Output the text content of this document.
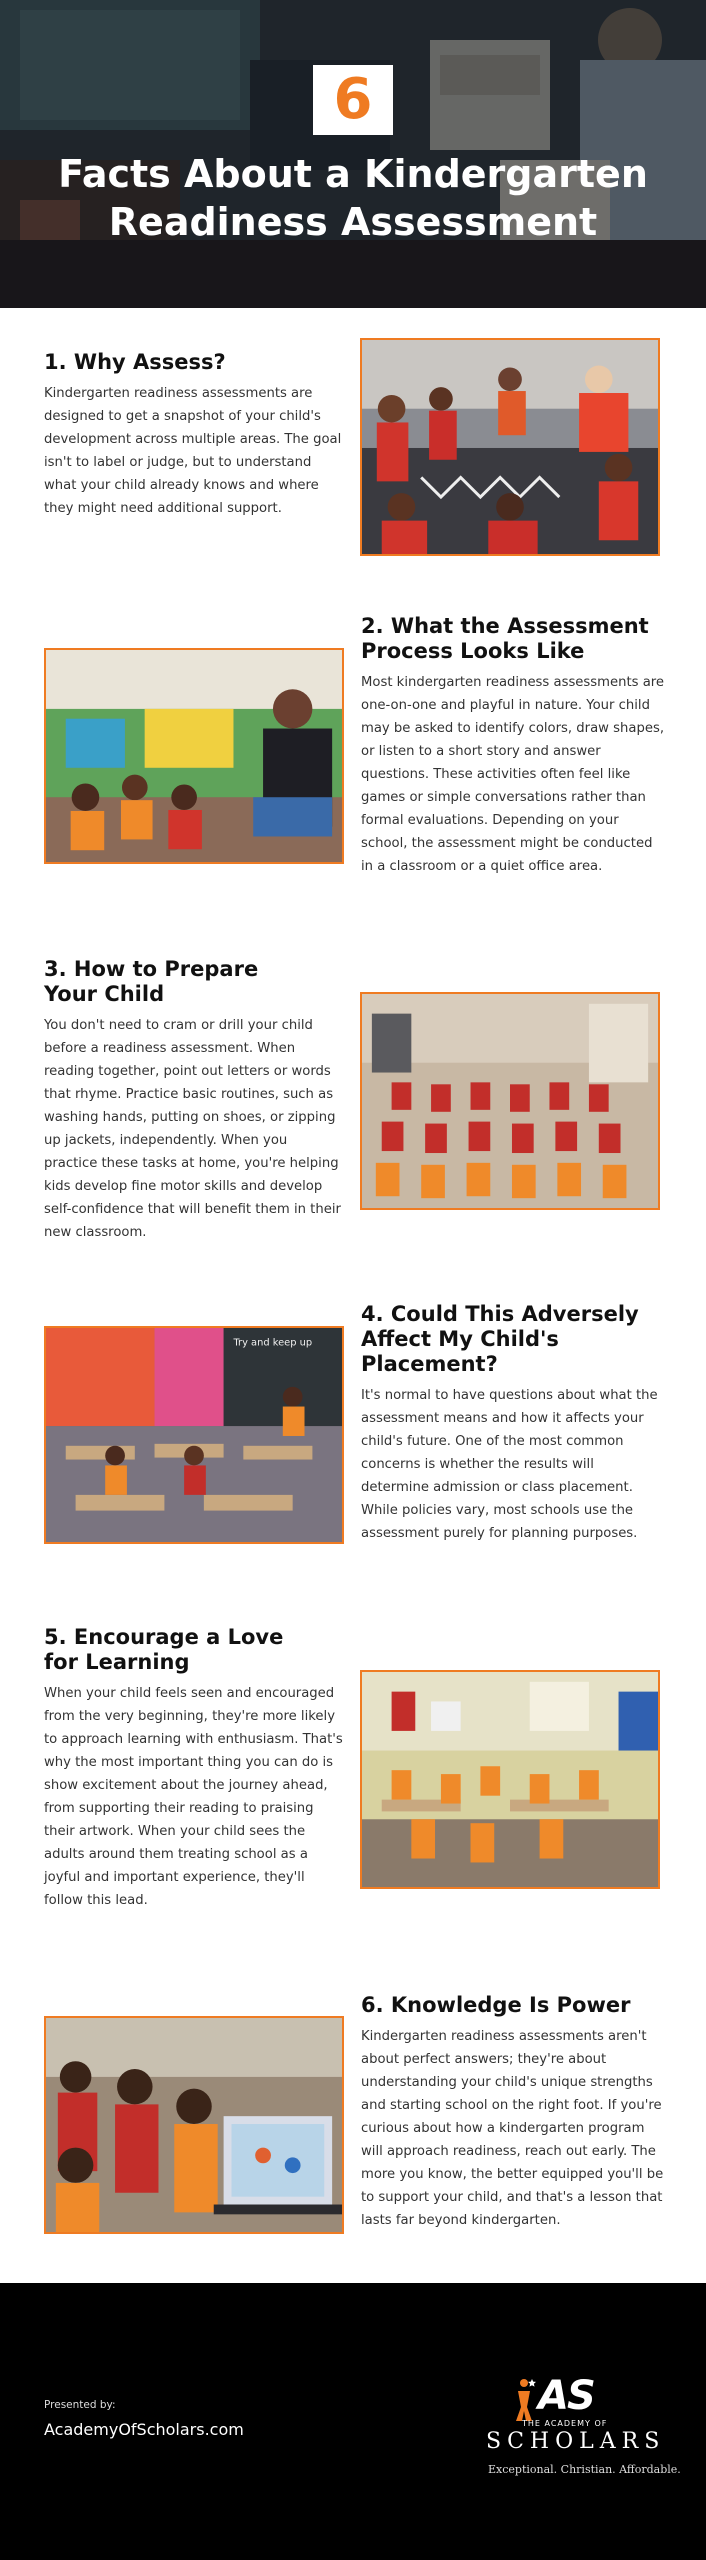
6
Facts About a Kindergarten
Readiness Assessment
1. Why Assess?

Kindergarten readiness assessments are designed to get a snapshot of your child's development across multiple areas. The goal isn't to label or judge, but to understand what your child already knows and where they might need additional support.

2. What the Assessment
Process Looks Like

Most kindergarten readiness assessments are one-on-one and playful in nature. Your child may be asked to identify colors, draw shapes, or listen to a short story and answer questions. These activities often feel like games or simple conversations rather than formal evaluations. Depending on your school, the assessment might be conducted in a classroom or a quiet office area.

3. How to Prepare
Your Child

You don't need to cram or drill your child before a readiness assessment. When reading together, point out letters or words that rhyme. Practice basic routines, such as washing hands, putting on shoes, or zipping up jackets, independently. When you practice these tasks at home, you're helping kids develop fine motor skills and develop self-confidence that will benefit them in their new classroom.

Try and keep up
4. Could This Adversely
Affect My Child's
Placement?

It's normal to have questions about what the assessment means and how it affects your child's future. One of the most common concerns is whether the results will determine admission or class placement. While policies vary, most schools use the assessment purely for planning purposes.

5. Encourage a Love
for Learning

When your child feels seen and encouraged from the very beginning, they're more likely to approach learning with enthusiasm. That's why the most important thing you can do is show excitement about the journey ahead, from supporting their reading to praising their artwork. When your child sees the adults around them treating school as a joyful and important experience, they'll follow this lead.

6. Knowledge Is Power

Kindergarten readiness assessments aren't about perfect answers; they're about understanding your child's unique strengths and starting school on the right foot. If you're curious about how a kindergarten program will approach readiness, reach out early. The more you know, the better equipped you'll be to support your child, and that's a lesson that lasts far beyond kindergarten.

Presented by:
AcademyOfScholars.com
AS
THE ACADEMY OF
SCHOLARS
Exceptional. Christian. Affordable.
